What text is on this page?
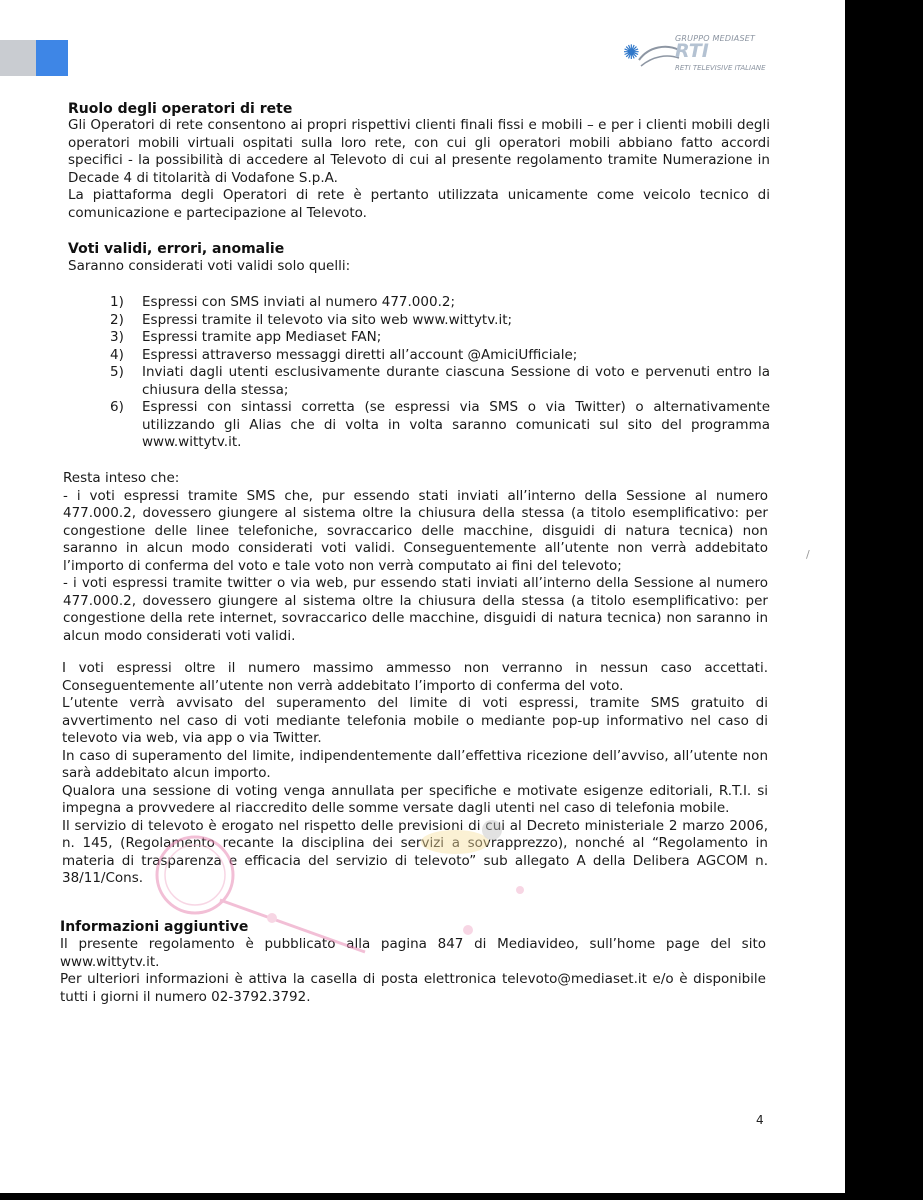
✺
GRUPPO MEDIASET
RTI
RETI TELEVISIVE ITALIANE
Ruolo degli operatori di rete

Gli Operatori di rete consentono ai propri rispettivi clienti finali fissi e mobili – e per i clienti mobili degli operatori mobili virtuali ospitati sulla loro rete, con cui gli operatori mobili abbiano fatto accordi specifici - la possibilità di accedere al Televoto di cui al presente regolamento tramite Numerazione in Decade 4 di titolarità di Vodafone S.p.A.

La piattaforma degli Operatori di rete è pertanto utilizzata unicamente come veicolo tecnico di comunicazione e partecipazione al Televoto.

Voti validi, errori, anomalie

Saranno considerati voti validi solo quelli:

1) Espressi con SMS inviati al numero 477.000.2;
2) Espressi tramite il televoto via sito web www.wittytv.it;
3) Espressi tramite app Mediaset FAN;
4) Espressi attraverso messaggi diretti all’account @AmiciUfficiale;
5) Inviati dagli utenti esclusivamente durante ciascuna Sessione di voto e pervenuti entro la chiusura della stessa;
6) Espressi con sintassi corretta (se espressi via SMS o via Twitter) o alternativamente utilizzando gli Alias che di volta in volta saranno comunicati sul sito del programma www.wittytv.it.

Resta inteso che:

- i voti espressi tramite SMS che, pur essendo stati inviati all’interno della Sessione al numero 477.000.2, dovessero giungere al sistema oltre la chiusura della stessa (a titolo esemplificativo: per congestione delle linee telefoniche, sovraccarico delle macchine, disguidi di natura tecnica) non saranno in alcun modo considerati voti validi. Conseguentemente all’utente non verrà addebitato l’importo di conferma del voto e tale voto non verrà computato ai fini del televoto;

- i voti espressi tramite twitter o via web, pur essendo stati inviati all’interno della Sessione al numero 477.000.2, dovessero giungere al sistema oltre la chiusura della stessa (a titolo esemplificativo: per congestione della rete internet, sovraccarico delle macchine, disguidi di natura tecnica) non saranno in alcun modo considerati voti validi.

I voti espressi oltre il numero massimo ammesso non verranno in nessun caso accettati. Conseguentemente all’utente non verrà addebitato l’importo di conferma del voto.

L’utente verrà avvisato del superamento del limite di voti espressi, tramite SMS gratuito di avvertimento nel caso di voti mediante telefonia mobile o mediante pop-up informativo nel caso di televoto via web, via app o via Twitter.

In caso di superamento del limite, indipendentemente dall’effettiva ricezione dell’avviso, all’utente non sarà addebitato alcun importo.

Qualora una sessione di voting venga annullata per specifiche e motivate esigenze editoriali, R.T.I. si impegna a provvedere al riaccredito delle somme versate dagli utenti nel caso di telefonia mobile.

Il servizio di televoto è erogato nel rispetto delle previsioni di cui al Decreto ministeriale 2 marzo 2006, n. 145, (Regolamento recante la disciplina dei servizi a sovrapprezzo), nonché al “Regolamento in materia di trasparenza e efficacia del servizio di televoto” sub allegato A della Delibera AGCOM n. 38/11/Cons.

Informazioni aggiuntive

Il presente regolamento è pubblicato alla pagina 847 di Mediavideo, sull’home page del sito www.wittytv.it.

Per ulteriori informazioni è attiva la casella di posta elettronica televoto@mediaset.it e/o è disponibile tutti i giorni il numero 02-3792.3792.

/
4
